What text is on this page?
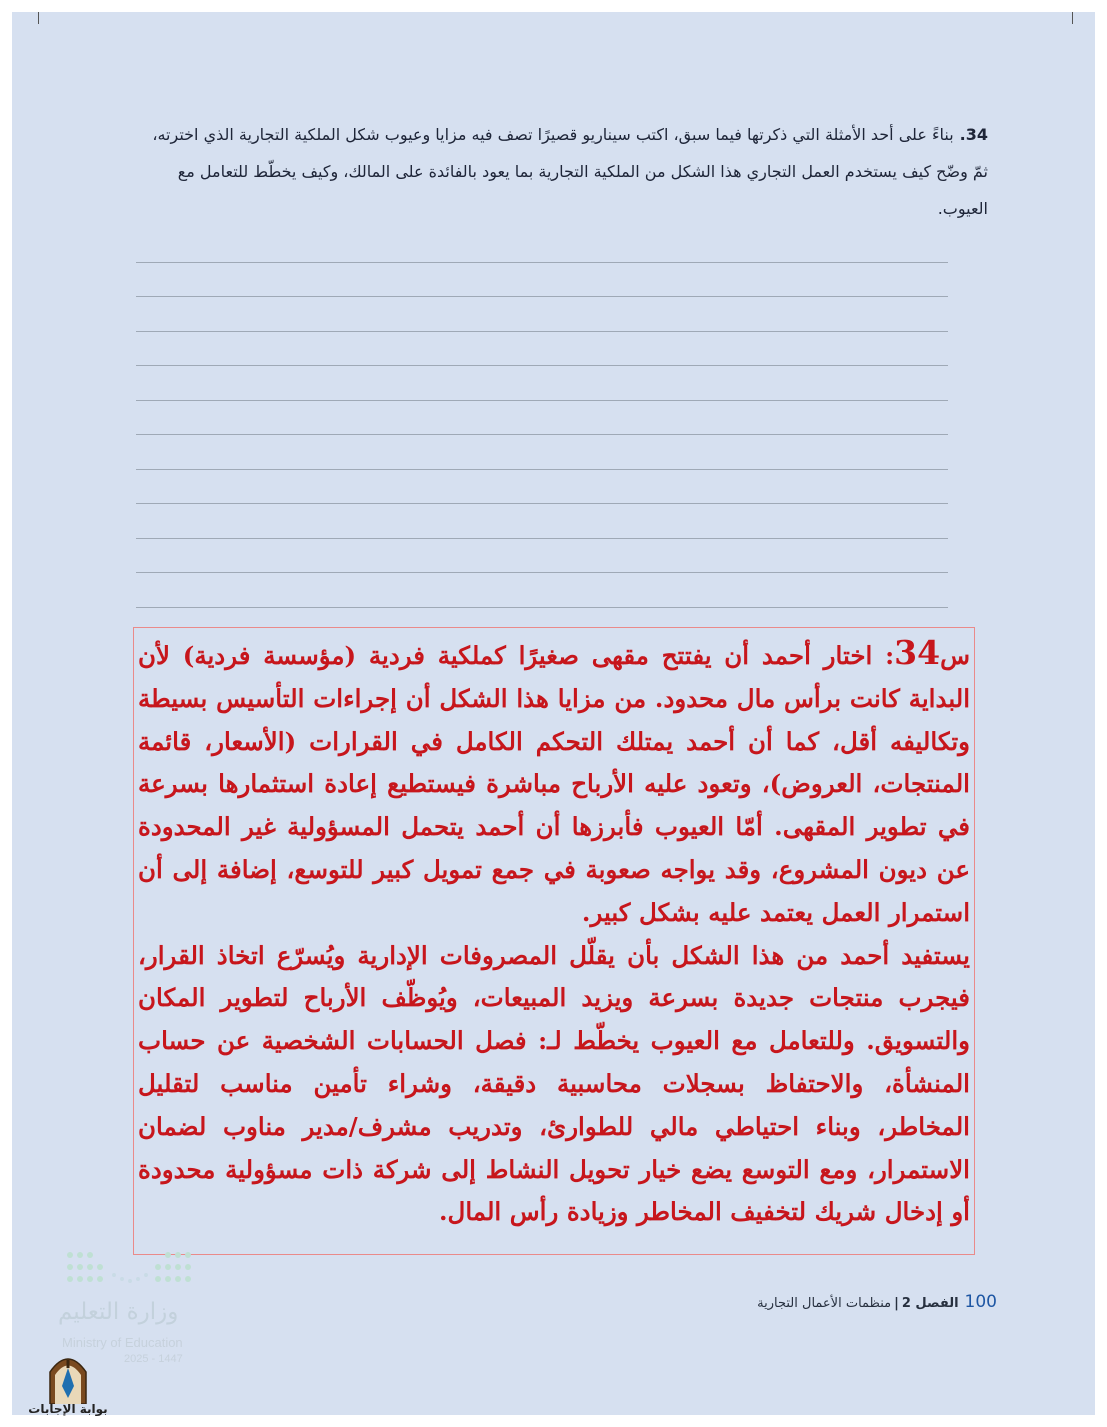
34.بناءً على أحد الأمثلة التي ذكرتها فيما سبق، اكتب سيناريو قصيرًا تصف فيه مزايا وعيوب شكل الملكية التجارية الذي اخترته، ثمّ وضّح كيف يستخدم العمل التجاري هذا الشكل من الملكية التجارية بما يعود بالفائدة على المالك، وكيف يخطّط للتعامل مع العيوب.

س34: اختار أحمد أن يفتتح مقهى صغيرًا كملكية فردية (مؤسسة فردية) لأن البداية كانت برأس مال محدود. من مزايا هذا الشكل أن إجراءات التأسيس بسيطة وتكاليفه أقل، كما أن أحمد يمتلك التحكم الكامل في القرارات (الأسعار، قائمة المنتجات، العروض)، وتعود عليه الأرباح مباشرة فيستطيع إعادة استثمارها بسرعة في تطوير المقهى. أمّا العيوب فأبرزها أن أحمد يتحمل المسؤولية غير المحدودة عن ديون المشروع، وقد يواجه صعوبة في جمع تمويل كبير للتوسع، إضافة إلى أن استمرار العمل يعتمد عليه بشكل كبير.

يستفيد أحمد من هذا الشكل بأن يقلّل المصروفات الإدارية ويُسرّع اتخاذ القرار، فيجرب منتجات جديدة بسرعة ويزيد المبيعات، ويُوظّف الأرباح لتطوير المكان والتسويق. وللتعامل مع العيوب يخطّط لـ: فصل الحسابات الشخصية عن حساب المنشأة، والاحتفاظ بسجلات محاسبية دقيقة، وشراء تأمين مناسب لتقليل المخاطر، وبناء احتياطي مالي للطوارئ، وتدريب مشرف/مدير مناوب لضمان الاستمرار، ومع التوسع يضع خيار تحويل النشاط إلى شركة ذات مسؤولية محدودة أو إدخال شريك لتخفيف المخاطر وزيادة رأس المال.

100الفصل 2|منظمات الأعمال التجارية
وزارة التعليم
Ministry of Education
2025 - 1447
بوابة الإجابات
